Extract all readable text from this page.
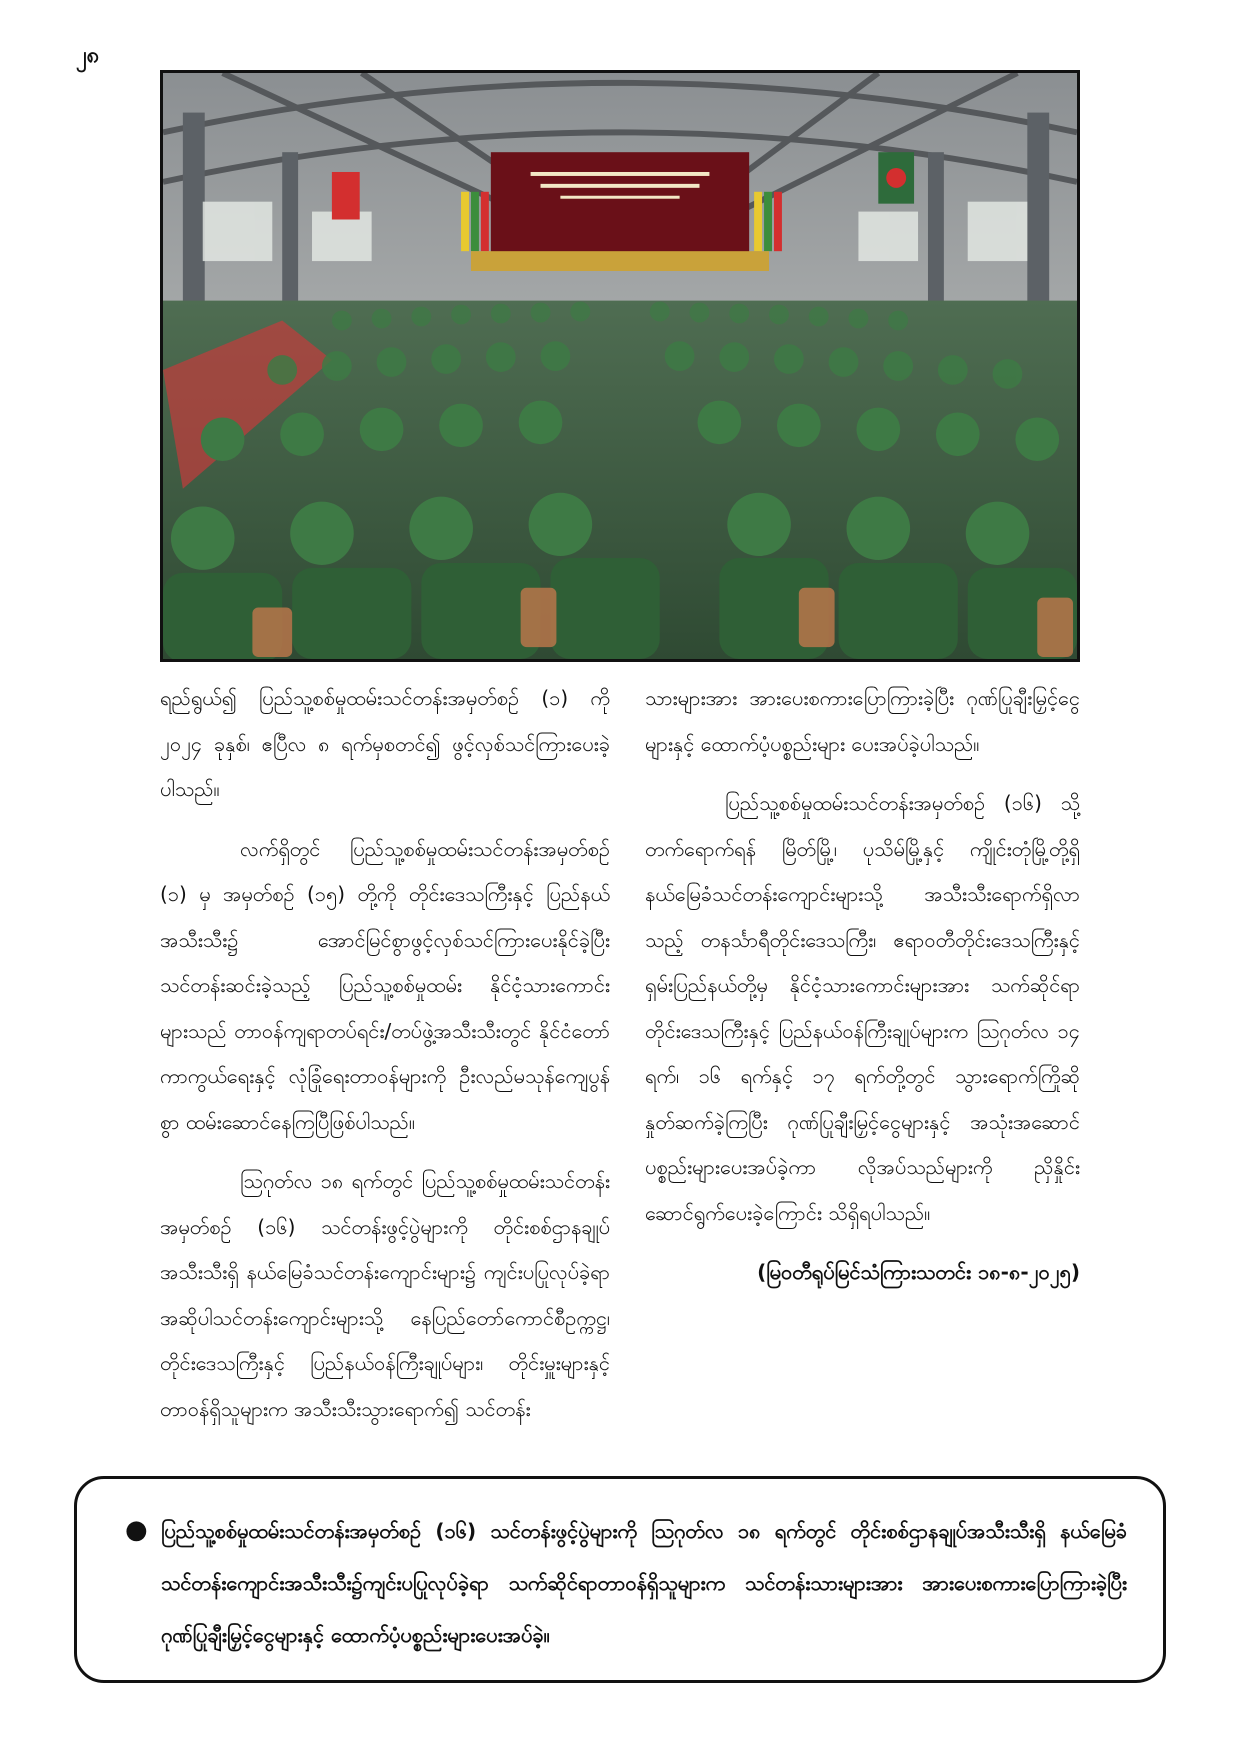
၂၈

ရည်ရွယ်၍ ပြည်သူ့စစ်မှုထမ်းသင်တန်းအမှတ်စဉ် (၁) ကို ၂၀၂၄ ခုနှစ်၊ ဧပြီလ ၈ ရက်မှစတင်၍ ဖွင့်လှစ်သင်ကြားပေးခဲ့ပါသည်။

လက်ရှိတွင် ပြည်သူ့စစ်မှုထမ်းသင်တန်းအမှတ်စဉ် (၁) မှ အမှတ်စဉ် (၁၅) တို့ကို တိုင်းဒေသကြီးနှင့် ပြည်နယ်အသီးသီး၌ အောင်မြင်စွာဖွင့်လှစ်သင်ကြားပေးနိုင်ခဲ့ပြီး သင်တန်းဆင်းခဲ့သည့် ပြည်သူ့စစ်မှုထမ်း နိုင်ငံ့သားကောင်းများသည် တာဝန်ကျရာတပ်ရင်း/တပ်ဖွဲ့အသီးသီးတွင် နိုင်ငံတော်ကာကွယ်ရေးနှင့် လုံခြုံရေးတာဝန်များကို ဦးလည်မသုန်ကျေပွန်စွာ ထမ်းဆောင်နေကြပြီဖြစ်ပါသည်။

ဩဂုတ်လ ၁၈ ရက်တွင် ပြည်သူ့စစ်မှုထမ်းသင်တန်းအမှတ်စဉ် (၁၆) သင်တန်းဖွင့်ပွဲများကို တိုင်းစစ်ဌာနချုပ်အသီးသီးရှိ နယ်မြေခံသင်တန်းကျောင်းများ၌ ကျင်းပပြုလုပ်ခဲ့ရာ အဆိုပါသင်တန်းကျောင်းများသို့ နေပြည်တော်ကောင်စီဥက္ကဋ္ဌ၊ တိုင်းဒေသကြီးနှင့် ပြည်နယ်ဝန်ကြီးချုပ်များ၊ တိုင်းမှူးများနှင့် တာဝန်ရှိသူများက အသီးသီးသွားရောက်၍ သင်တန်း

သားများအား အားပေးစကားပြောကြားခဲ့ပြီး ဂုဏ်ပြုချီးမြှင့်ငွေများနှင့် ထောက်ပံ့ပစ္စည်းများ ပေးအပ်ခဲ့ပါသည်။

ပြည်သူ့စစ်မှုထမ်းသင်တန်းအမှတ်စဉ် (၁၆) သို့ တက်ရောက်ရန် မြိတ်မြို့၊ ပုသိမ်မြို့နှင့် ကျိုင်းတုံမြို့တို့ရှိ နယ်မြေခံသင်တန်းကျောင်းများသို့ အသီးသီးရောက်ရှိလာသည့် တနင်္သာရီတိုင်းဒေသကြီး၊ ဧရာဝတီတိုင်းဒေသကြီးနှင့် ရှမ်းပြည်နယ်တို့မှ နိုင်ငံ့သားကောင်းများအား သက်ဆိုင်ရာ တိုင်းဒေသကြီးနှင့် ပြည်နယ်ဝန်ကြီးချုပ်များက ဩဂုတ်လ ၁၄ ရက်၊ ၁၆ ရက်နှင့် ၁၇ ရက်တို့တွင် သွားရောက်ကြိုဆိုနှုတ်ဆက်ခဲ့ကြပြီး ဂုဏ်ပြုချီးမြှင့်ငွေများနှင့် အသုံးအဆောင်ပစ္စည်းများပေးအပ်ခဲ့ကာ လိုအပ်သည်များကို ညှိနှိုင်းဆောင်ရွက်ပေးခဲ့ကြောင်း သိရှိရပါသည်။

(မြဝတီရုပ်မြင်သံကြားသတင်း ၁၈-၈-၂၀၂၅)
● ပြည်သူ့စစ်မှုထမ်းသင်တန်းအမှတ်စဉ် (၁၆) သင်တန်းဖွင့်ပွဲများကို ဩဂုတ်လ ၁၈ ရက်တွင် တိုင်းစစ်ဌာနချုပ်အသီးသီးရှိ နယ်မြေခံသင်တန်းကျောင်းအသီးသီး၌ကျင်းပပြုလုပ်ခဲ့ရာ သက်ဆိုင်ရာတာဝန်ရှိသူများက သင်တန်းသားများအား အားပေးစကားပြောကြားခဲ့ပြီး ဂုဏ်ပြုချီးမြှင့်ငွေများနှင့် ထောက်ပံ့ပစ္စည်းများပေးအပ်ခဲ့။
